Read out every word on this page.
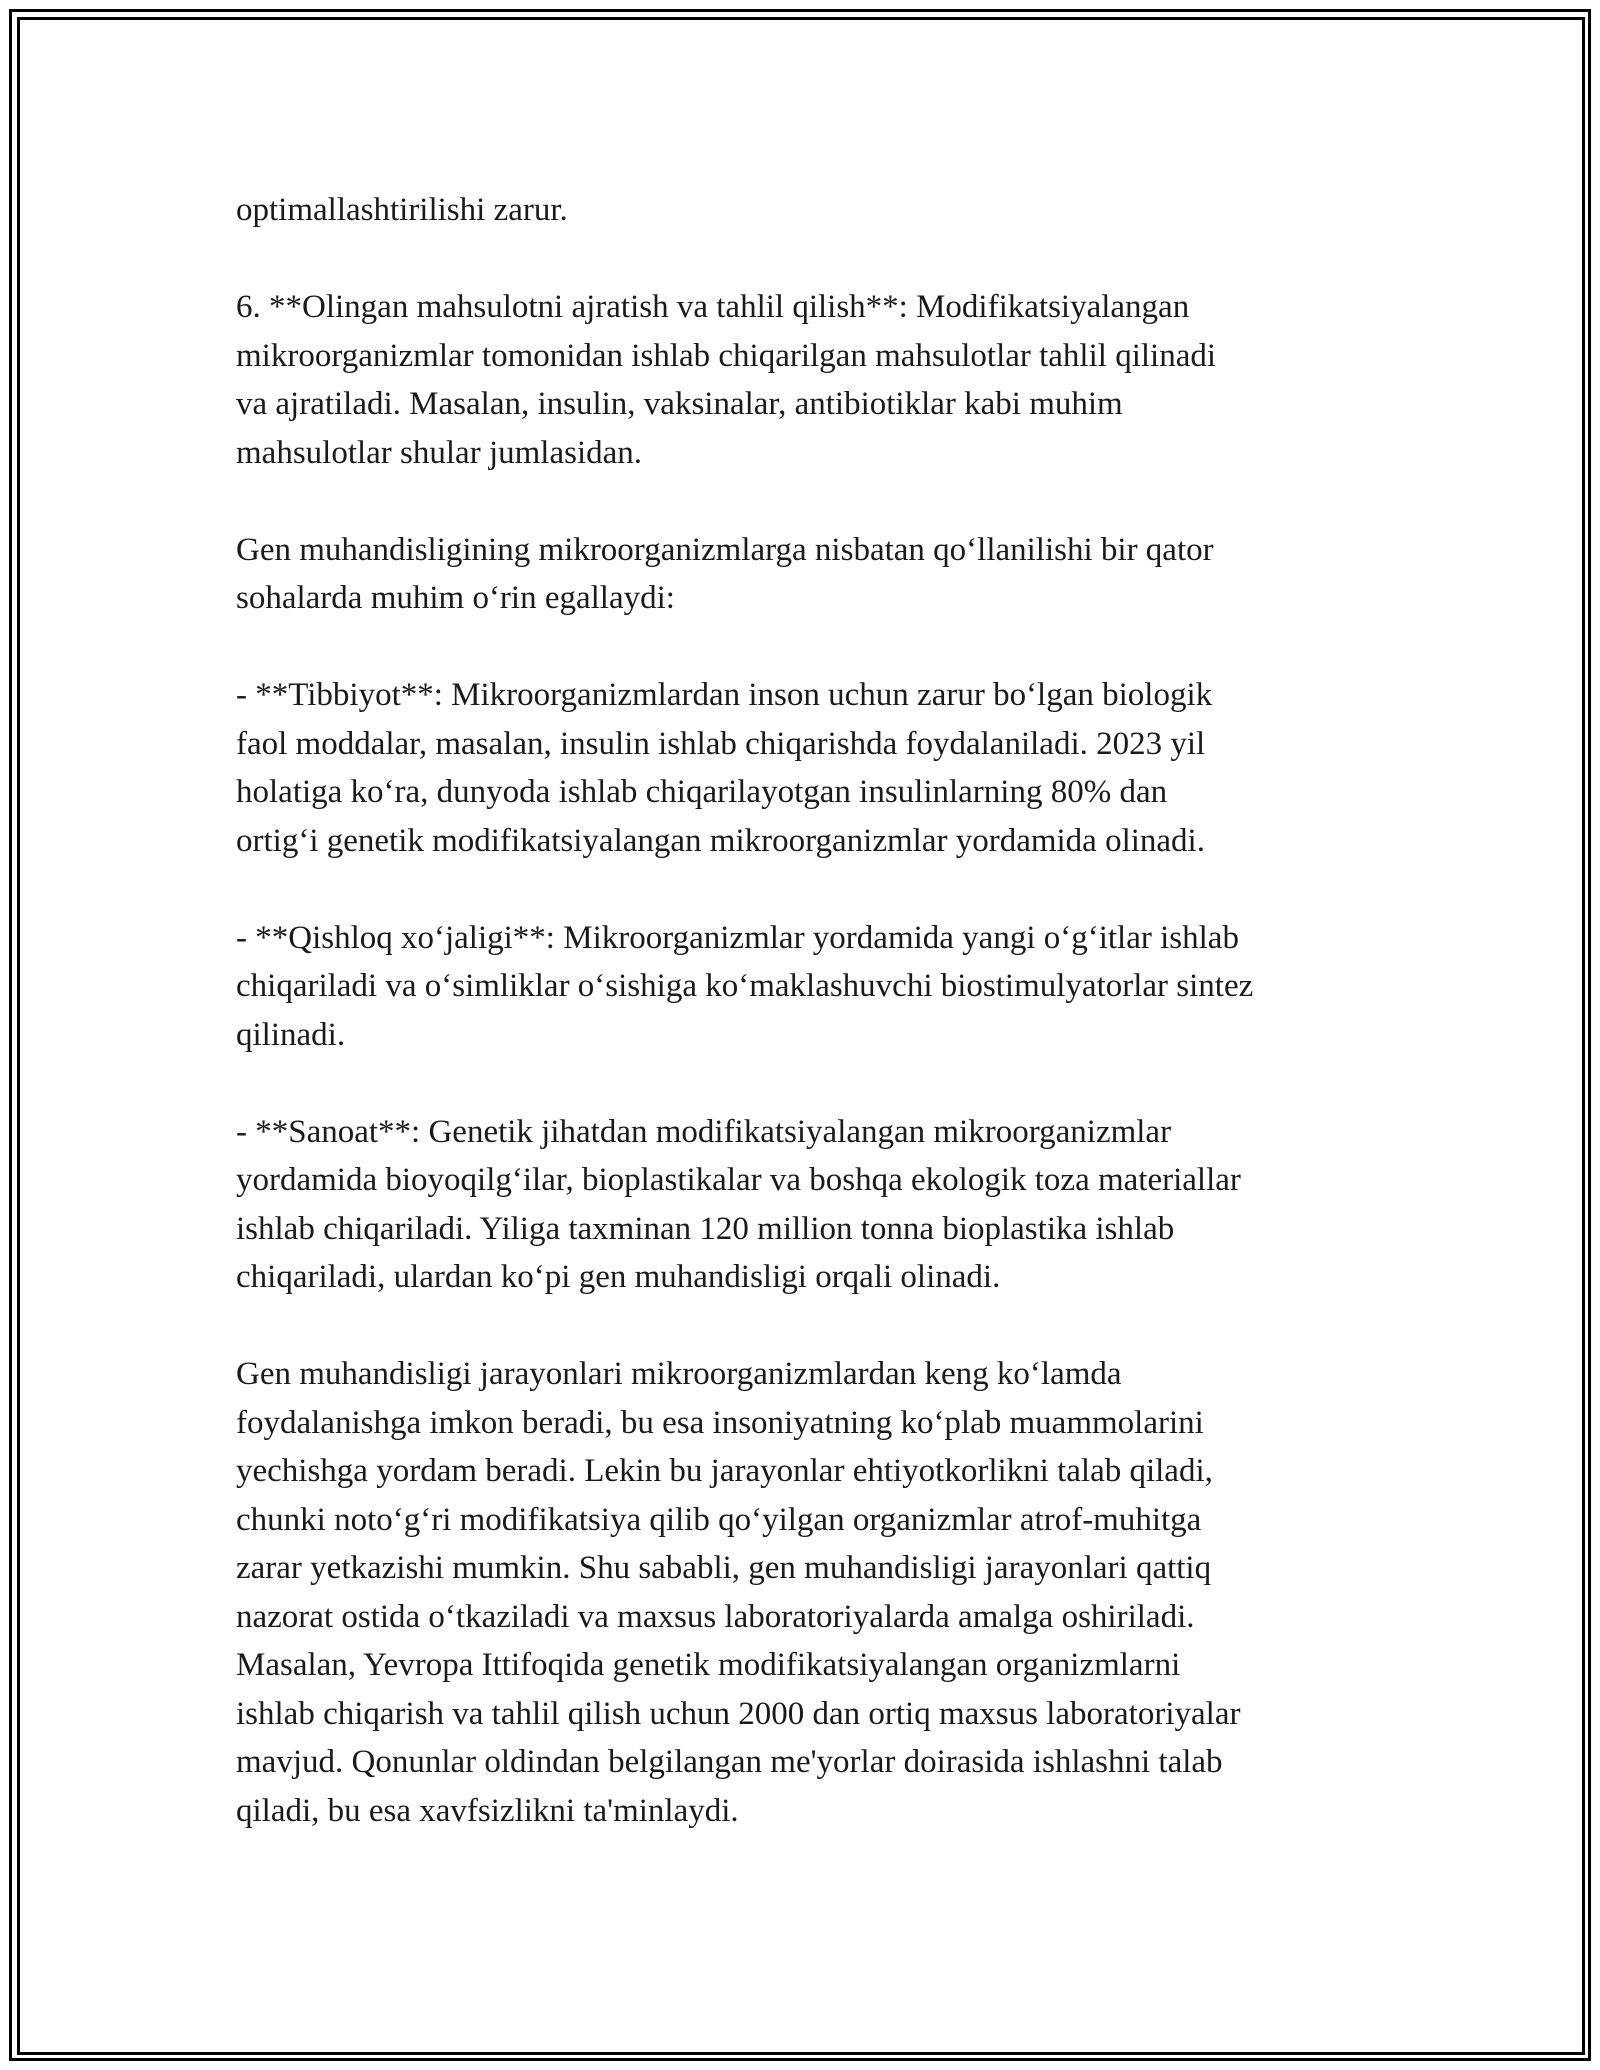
optimallashtirilishi zarur.

6. **Olingan mahsulotni ajratish va tahlil qilish**: Modifikatsiyalangan
mikroorganizmlar tomonidan ishlab chiqarilgan mahsulotlar tahlil qilinadi
va ajratiladi. Masalan, insulin, vaksinalar, antibiotiklar kabi muhim
mahsulotlar shular jumlasidan.

Gen muhandisligining mikroorganizmlarga nisbatan qo‘llanilishi bir qator
sohalarda muhim o‘rin egallaydi:

- **Tibbiyot**: Mikroorganizmlardan inson uchun zarur bo‘lgan biologik
faol moddalar, masalan, insulin ishlab chiqarishda foydalaniladi. 2023 yil
holatiga ko‘ra, dunyoda ishlab chiqarilayotgan insulinlarning 80% dan
ortig‘i genetik modifikatsiyalangan mikroorganizmlar yordamida olinadi.

- **Qishloq xo‘jaligi**: Mikroorganizmlar yordamida yangi o‘g‘itlar ishlab
chiqariladi va o‘simliklar o‘sishiga ko‘maklashuvchi biostimulyatorlar sintez
qilinadi.

- **Sanoat**: Genetik jihatdan modifikatsiyalangan mikroorganizmlar
yordamida bioyoqilg‘ilar, bioplastikalar va boshqa ekologik toza materiallar
ishlab chiqariladi. Yiliga taxminan 120 million tonna bioplastika ishlab
chiqariladi, ulardan ko‘pi gen muhandisligi orqali olinadi.

Gen muhandisligi jarayonlari mikroorganizmlardan keng ko‘lamda
foydalanishga imkon beradi, bu esa insoniyatning ko‘plab muammolarini
yechishga yordam beradi. Lekin bu jarayonlar ehtiyotkorlikni talab qiladi,
chunki noto‘g‘ri modifikatsiya qilib qo‘yilgan organizmlar atrof-muhitga
zarar yetkazishi mumkin. Shu sababli, gen muhandisligi jarayonlari qattiq
nazorat ostida o‘tkaziladi va maxsus laboratoriyalarda amalga oshiriladi.
Masalan, Yevropa Ittifoqida genetik modifikatsiyalangan organizmlarni
ishlab chiqarish va tahlil qilish uchun 2000 dan ortiq maxsus laboratoriyalar
mavjud. Qonunlar oldindan belgilangan me'yorlar doirasida ishlashni talab
qiladi, bu esa xavfsizlikni ta'minlaydi.
